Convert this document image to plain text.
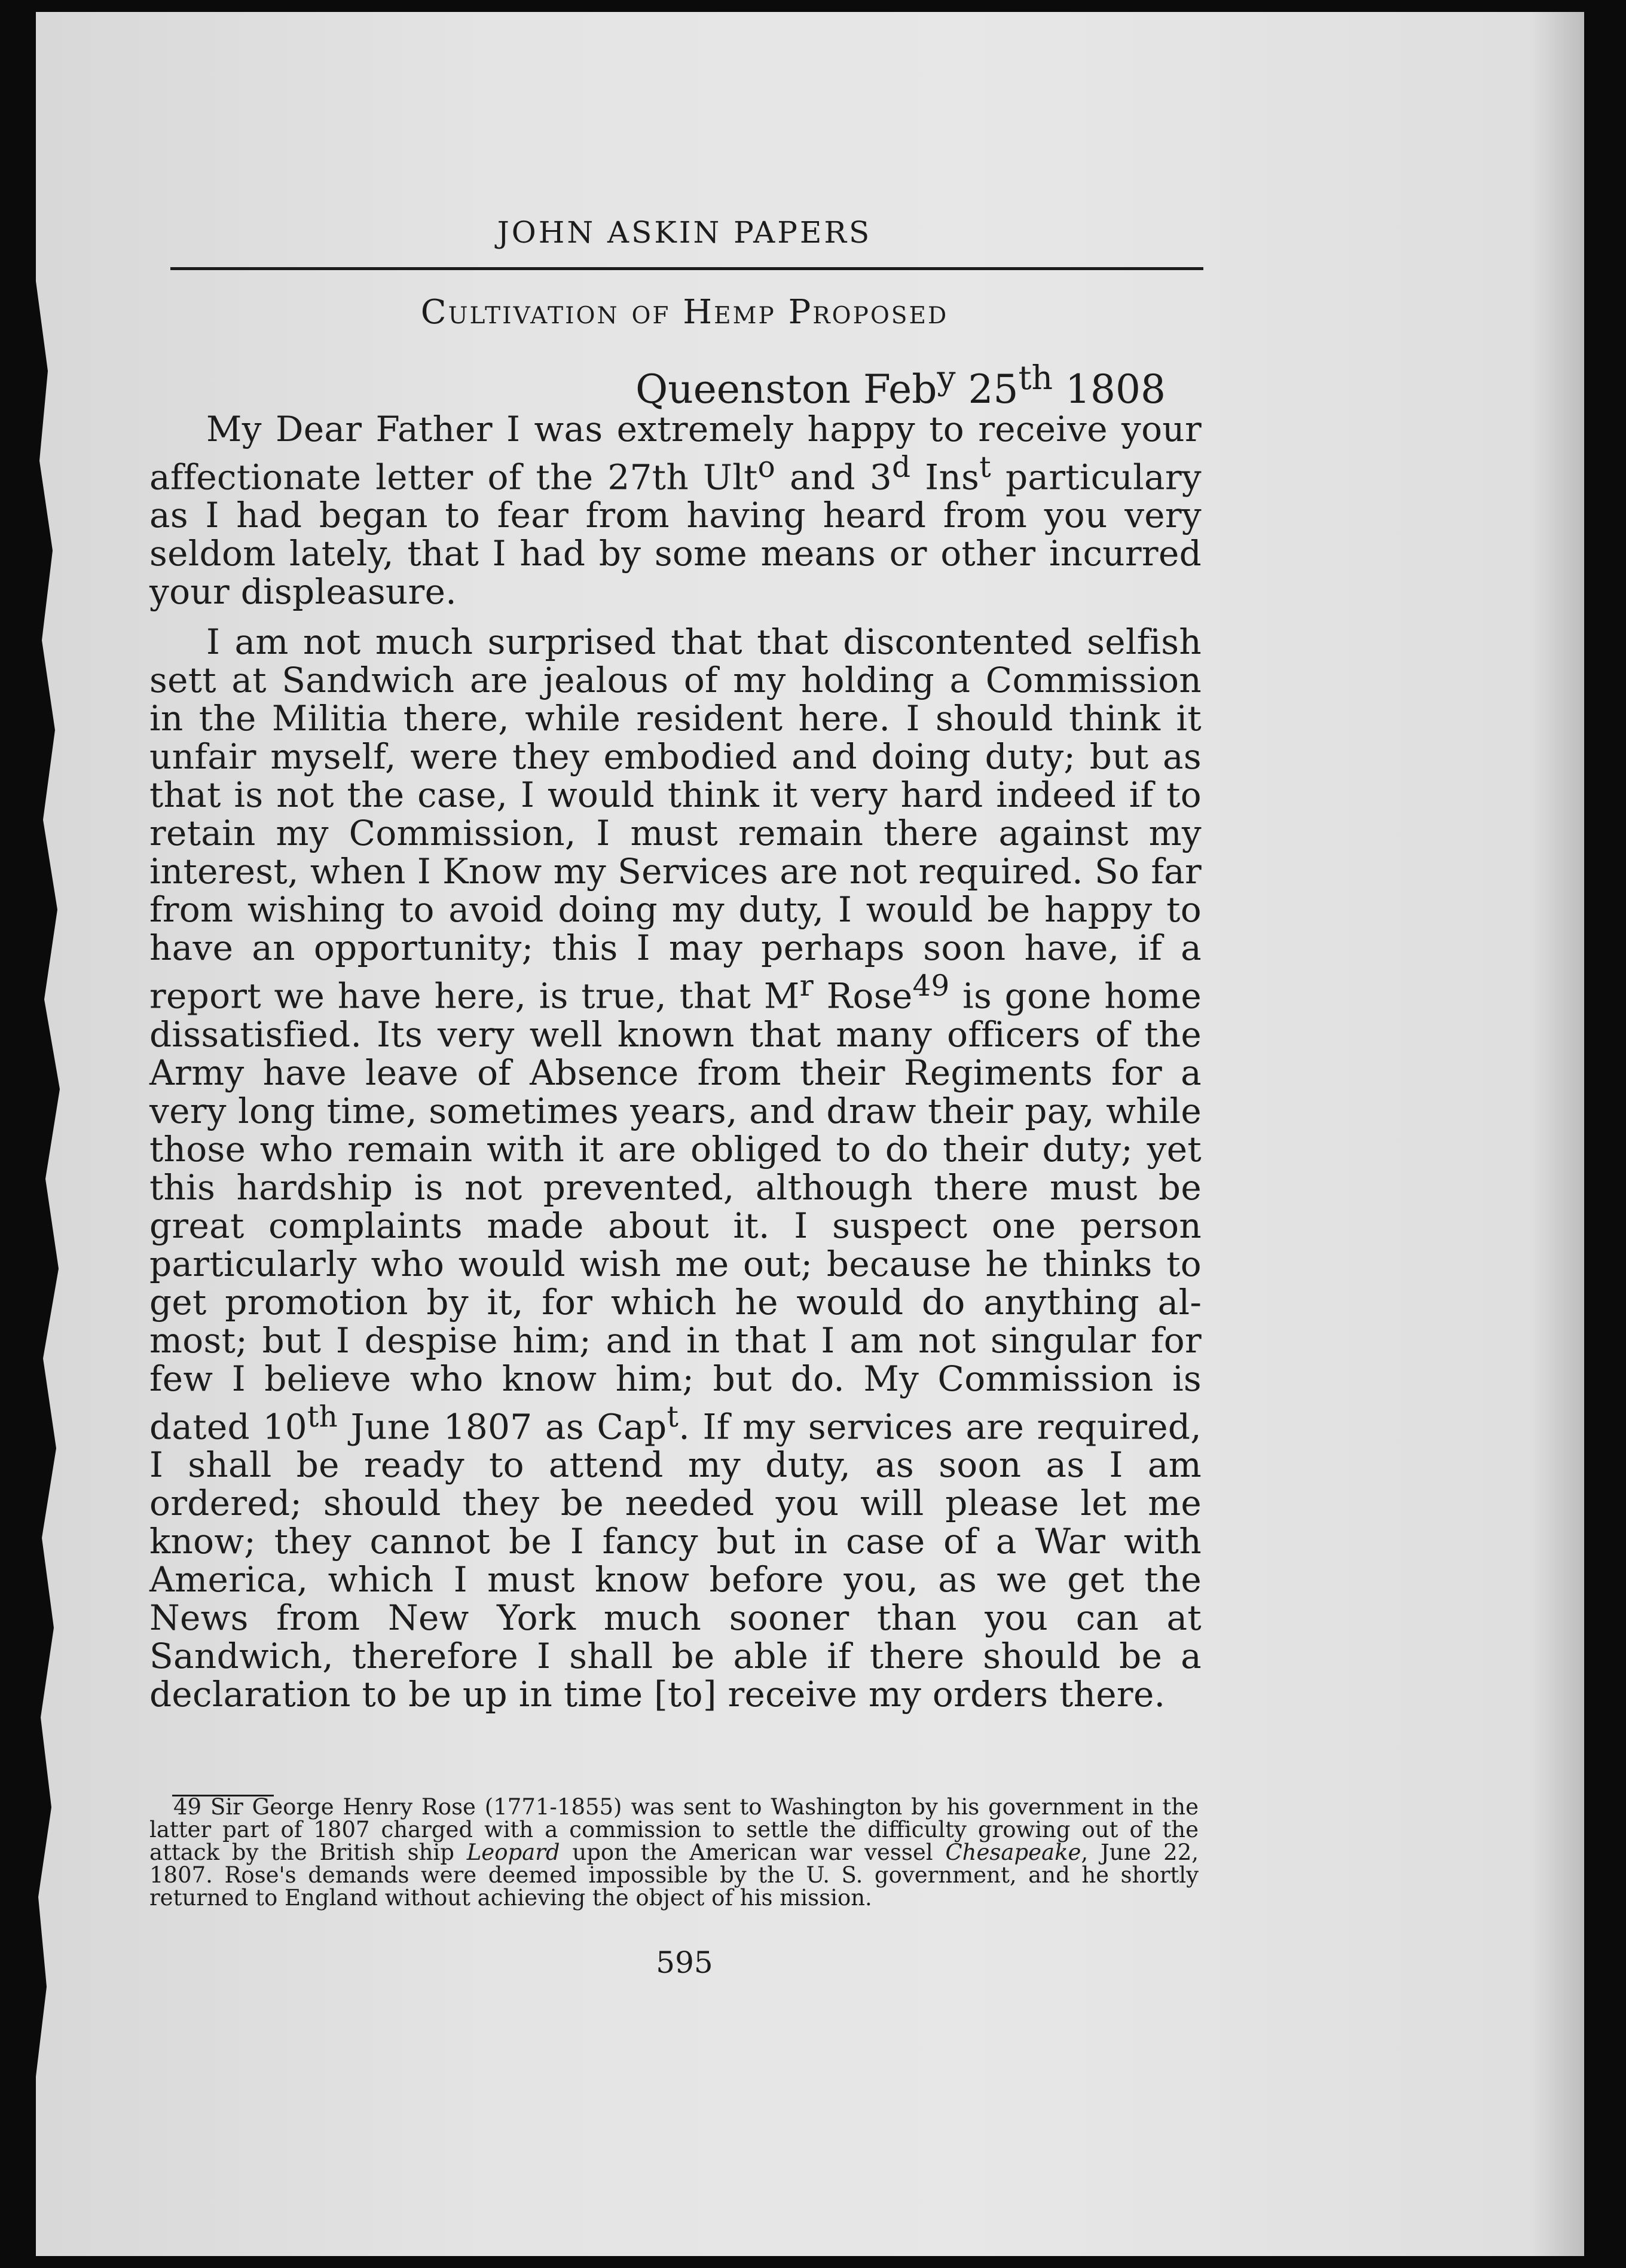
JOHN ASKIN PAPERS
Cultivation of Hemp Proposed
Queenston Feb$^y$ 25th 1808

My Dear Father I was extremely happy to receive your affectionate letter of the 27th Ult$^o$ and 3$^d$ Ins$^t$ particulary as I had began to fear from having heard from you very seldom lately, that I had by some means or other incurred your displeasure.

I am not much surprised that that discontented selfish sett at Sandwich are jealous of my holding a Commission in the Militia there, while resident here. I should think it unfair myself, were they embodied and doing duty; but as that is not the case, I would think it very hard indeed if to retain my Commission, I must remain there against my interest, when I Know my Services are not required. So far from wishing to avoid doing my duty, I would be happy to have an opportunity; this I may perhaps soon have, if a report we have here, is true, that $M^r$ Rose$^{49}$ is gone home dissatisfied. Its very well known that many officers of the Army have leave of Absence from their Regiments for a very long time, sometimes years, and draw their pay, while those who remain with it are obliged to do their duty; yet this hardship is not prevented, although there must be great complaints made about it. I suspect one person particularly who would wish me out; because he thinks to get promotion by it, for which he would do anything almost; but I despise him; and in that I am not singular for few I believe who know him; but do. My Commission is dated 10th June 1807 as Cap$^t$. If my services are required, I shall be ready to attend my duty, as soon as I am ordered; should they be needed you will please let me know; they cannot be I fancy but in case of a War with America, which I must know before you, as we get the News from New York much sooner than you can at Sandwich, therefore I shall be able if there should be a declaration to be up in time [to] receive my orders there.

49 Sir George Henry Rose (1771-1855) was sent to Washington by his government in the latter part of 1807 charged with a commission to settle the difficulty growing out of the attack by the British ship Leopard upon the American war vessel Chesapeake, June 22, 1807. Rose's demands were deemed impossible by the U. S. government, and he shortly returned to England without achieving the object of his mission.
595
